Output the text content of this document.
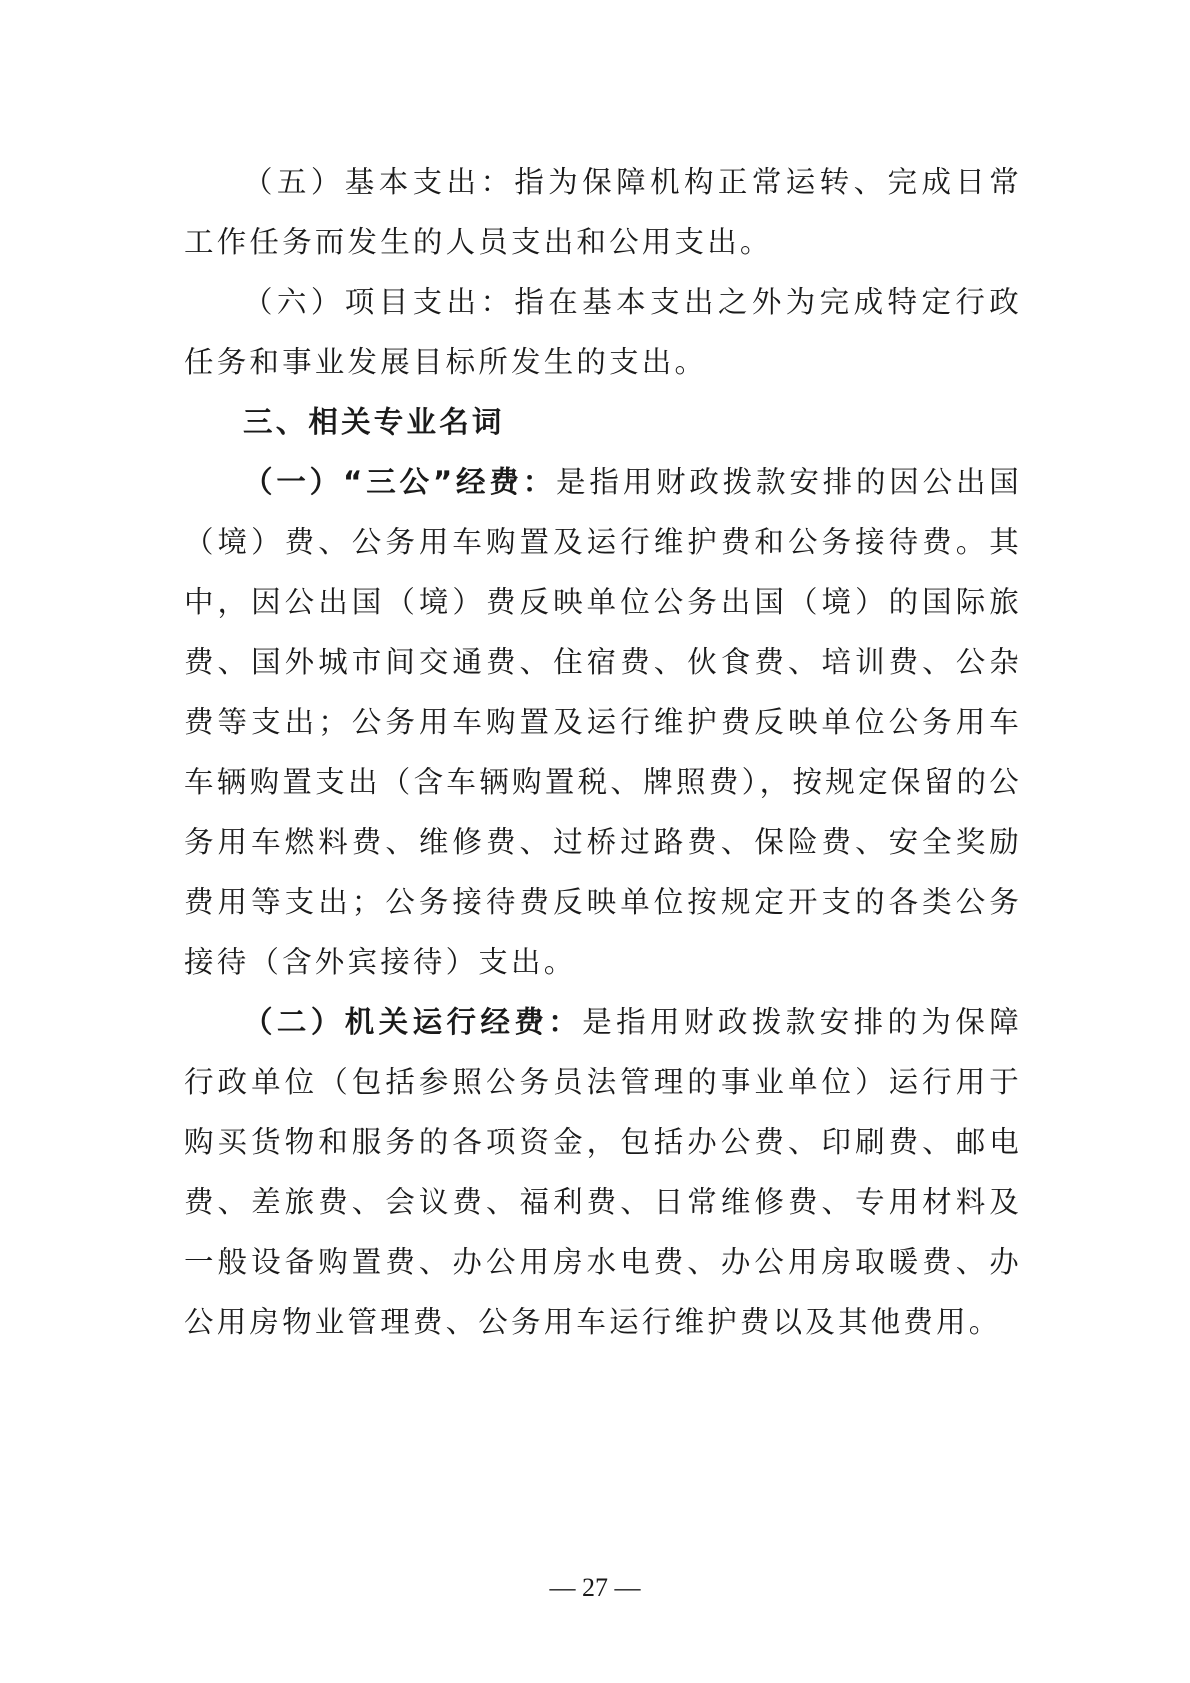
（五）基本支出：指为保障机构正常运转、完成日常工作任务而发生的人员支出和公用支出。

（六）项目支出：指在基本支出之外为完成特定行政任务和事业发展目标所发生的支出。

三、相关专业名词

（一）“三公”经费：是指用财政拨款安排的因公出国（境）费、公务用车购置及运行维护费和公务接待费。其中，因公出国（境）费反映单位公务出国（境）的国际旅费、国外城市间交通费、住宿费、伙食费、培训费、公杂费等支出；公务用车购置及运行维护费反映单位公务用车车辆购置支出（含车辆购置税、牌照费），按规定保留的公务用车燃料费、维修费、过桥过路费、保险费、安全奖励费用等支出；公务接待费反映单位按规定开支的各类公务接待（含外宾接待）支出。

（二）机关运行经费：是指用财政拨款安排的为保障行政单位（包括参照公务员法管理的事业单位）运行用于购买货物和服务的各项资金，包括办公费、印刷费、邮电费、差旅费、会议费、福利费、日常维修费、专用材料及一般设备购置费、办公用房水电费、办公用房取暖费、办公用房物业管理费、公务用车运行维护费以及其他费用。

— 27 —
